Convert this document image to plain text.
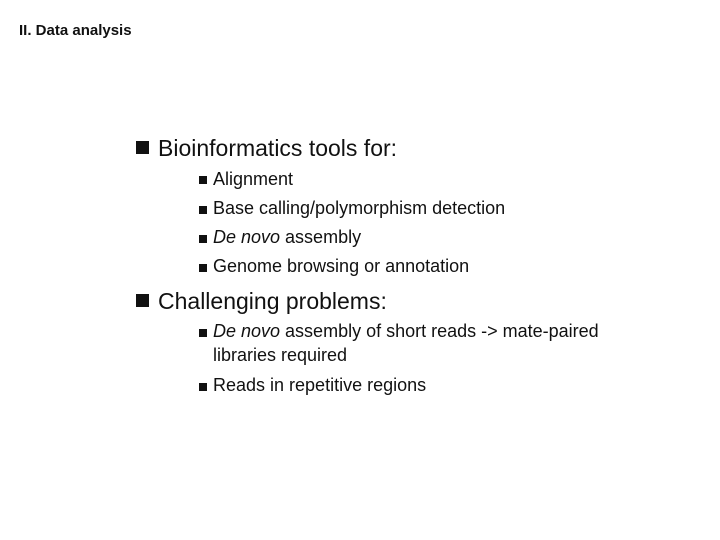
II. Data analysis
Bioinformatics tools for:
Alignment
Base calling/polymorphism detection
De novo assembly
Genome browsing or annotation
Challenging problems:
De novo assembly of short reads -> mate-paired
libraries required
Reads in repetitive regions
